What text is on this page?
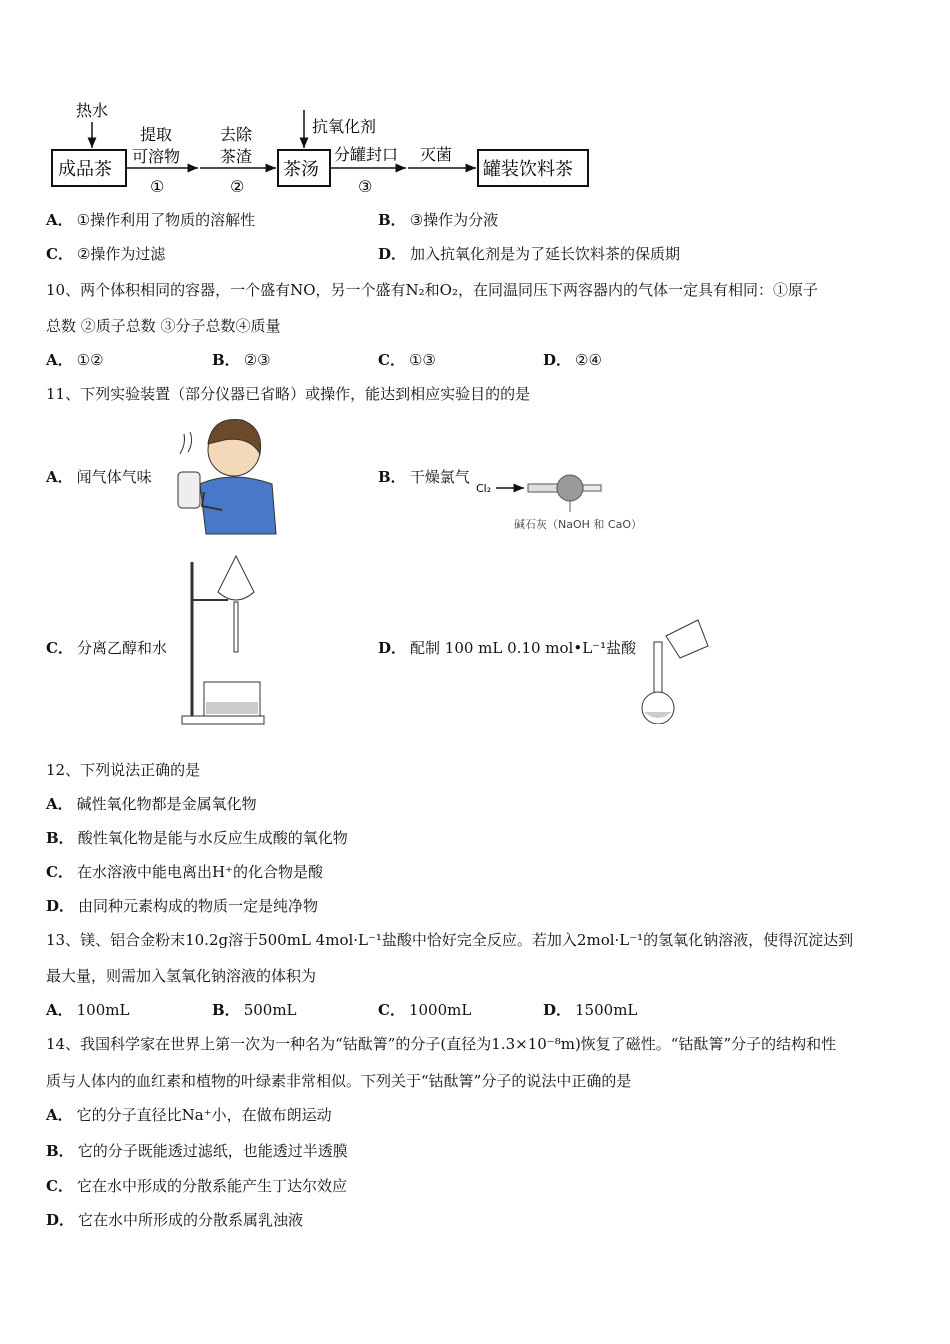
热水
成品茶
提取
可溶物
①
去除
茶渣
②
抗氧化剂
茶汤
分罐封口
③
灭菌
罐装饮料茶
A． ①操作利用了物质的溶解性	B． ③操作为分液
C． ②操作为过滤	D． 加入抗氧化剂是为了延长饮料茶的保质期
10、两个体积相同的容器，一个盛有NO，另一个盛有N₂和O₂，在同温同压下两容器内的气体一定具有相同：①原子
总数 ②质子总数 ③分子总数④质量
A． ①②	B． ②③	C． ①③	D． ②④
11、下列实验装置（部分仪器已省略）或操作，能达到相应实验目的的是
A． 闻气体气味	B． 干燥氯气
Cl₂
碱石灰（NaOH 和 CaO）
C． 分离乙醇和水	D． 配制 100 mL 0.10 mol•L⁻¹盐酸
12、下列说法正确的是
A． 碱性氧化物都是金属氧化物
B． 酸性氧化物是能与水反应生成酸的氧化物
C． 在水溶液中能电离出H⁺的化合物是酸
D． 由同种元素构成的物质一定是纯净物
13、镁、铝合金粉末10.2g溶于500mL 4mol·L⁻¹盐酸中恰好完全反应。若加入2mol·L⁻¹的氢氧化钠溶液，使得沉淀达到
最大量，则需加入氢氧化钠溶液的体积为
A． 100mL	B． 500mL	C． 1000mL	D． 1500mL
14、我国科学家在世界上第一次为一种名为“钴酞箐”的分子(直径为1.3×10⁻⁸m)恢复了磁性。“钴酞箐”分子的结构和性
质与人体内的血红素和植物的叶绿素非常相似。下列关于“钴酞箐”分子的说法中正确的是
A． 它的分子直径比Na⁺小，在做布朗运动
B． 它的分子既能透过滤纸，也能透过半透膜
C． 它在水中形成的分散系能产生丁达尔效应
D． 它在水中所形成的分散系属乳浊液
